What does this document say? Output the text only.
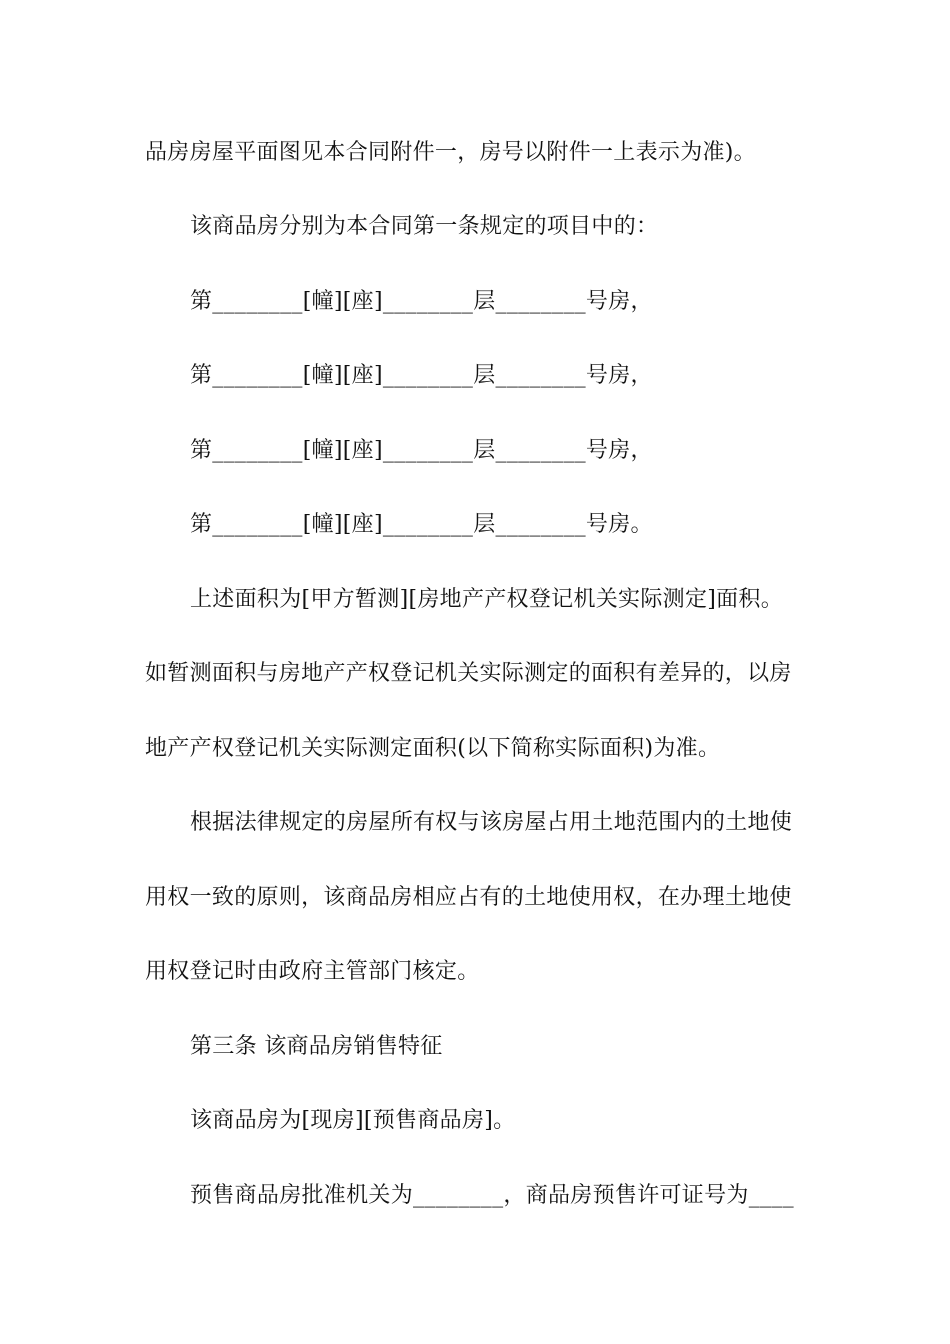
品房房屋平面图见本合同附件一，房号以附件一上表示为准)。
该商品房分别为本合同第一条规定的项目中的：
第________[幢][座]________层________号房，
第________[幢][座]________层________号房，
第________[幢][座]________层________号房，
第________[幢][座]________层________号房。
上述面积为[甲方暂测][房地产产权登记机关实际测定]面积。
如暂测面积与房地产产权登记机关实际测定的面积有差异的，以房
地产产权登记机关实际测定面积(以下简称实际面积)为准。
根据法律规定的房屋所有权与该房屋占用土地范围内的土地使
用权一致的原则，该商品房相应占有的土地使用权，在办理土地使
用权登记时由政府主管部门核定。
第三条 该商品房销售特征
该商品房为[现房][预售商品房]。
预售商品房批准机关为________，商品房预售许可证号为____
